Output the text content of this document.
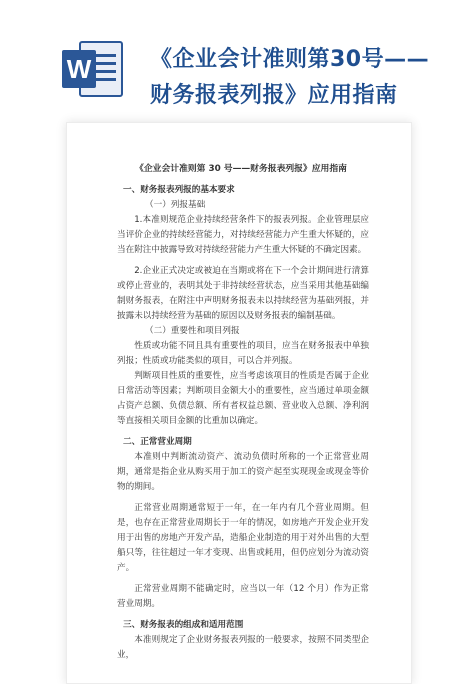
W	《企业会计准则第30号——
财务报表列报》应用指南

《企业会计准则第 30 号——财务报表列报》应用指南

一、财务报表列报的基本要求

（一）列报基础

1.本准则规范企业持续经营条件下的报表列报。企业管理层应当评价企业的持续经营能力，对持续经营能力产生重大怀疑的，应当在附注中披露导致对持续经营能力产生重大怀疑的不确定因素。

2.企业正式决定或被迫在当期或将在下一个会计期间进行清算或停止营业的，表明其处于非持续经营状态，应当采用其他基础编制财务报表，在附注中声明财务报表未以持续经营为基础列报，并披露未以持续经营为基础的原因以及财务报表的编制基础。

（二）重要性和项目列报

性质或功能不同且具有重要性的项目，应当在财务报表中单独列报；性质或功能类似的项目，可以合并列报。

判断项目性质的重要性，应当考虑该项目的性质是否属于企业日常活动等因素；判断项目金额大小的重要性，应当通过单项金额占资产总额、负债总额、所有者权益总额、营业收入总额、净利润等直接相关项目金额的比重加以确定。

二、正常营业周期

本准则中判断流动资产、流动负债时所称的一个正常营业周期，通常是指企业从购买用于加工的资产起至实现现金或现金等价物的期间。

正常营业周期通常短于一年，在一年内有几个营业周期。但是，也存在正常营业周期长于一年的情况，如房地产开发企业开发用于出售的房地产开发产品，造船企业制造的用于对外出售的大型船只等，往往超过一年才变现、出售或耗用，但仍应划分为流动资产。

正常营业周期不能确定时，应当以一年（12 个月）作为正常营业周期。

三、财务报表的组成和适用范围

本准则规定了企业财务报表列报的一般要求，按照不同类型企业，
